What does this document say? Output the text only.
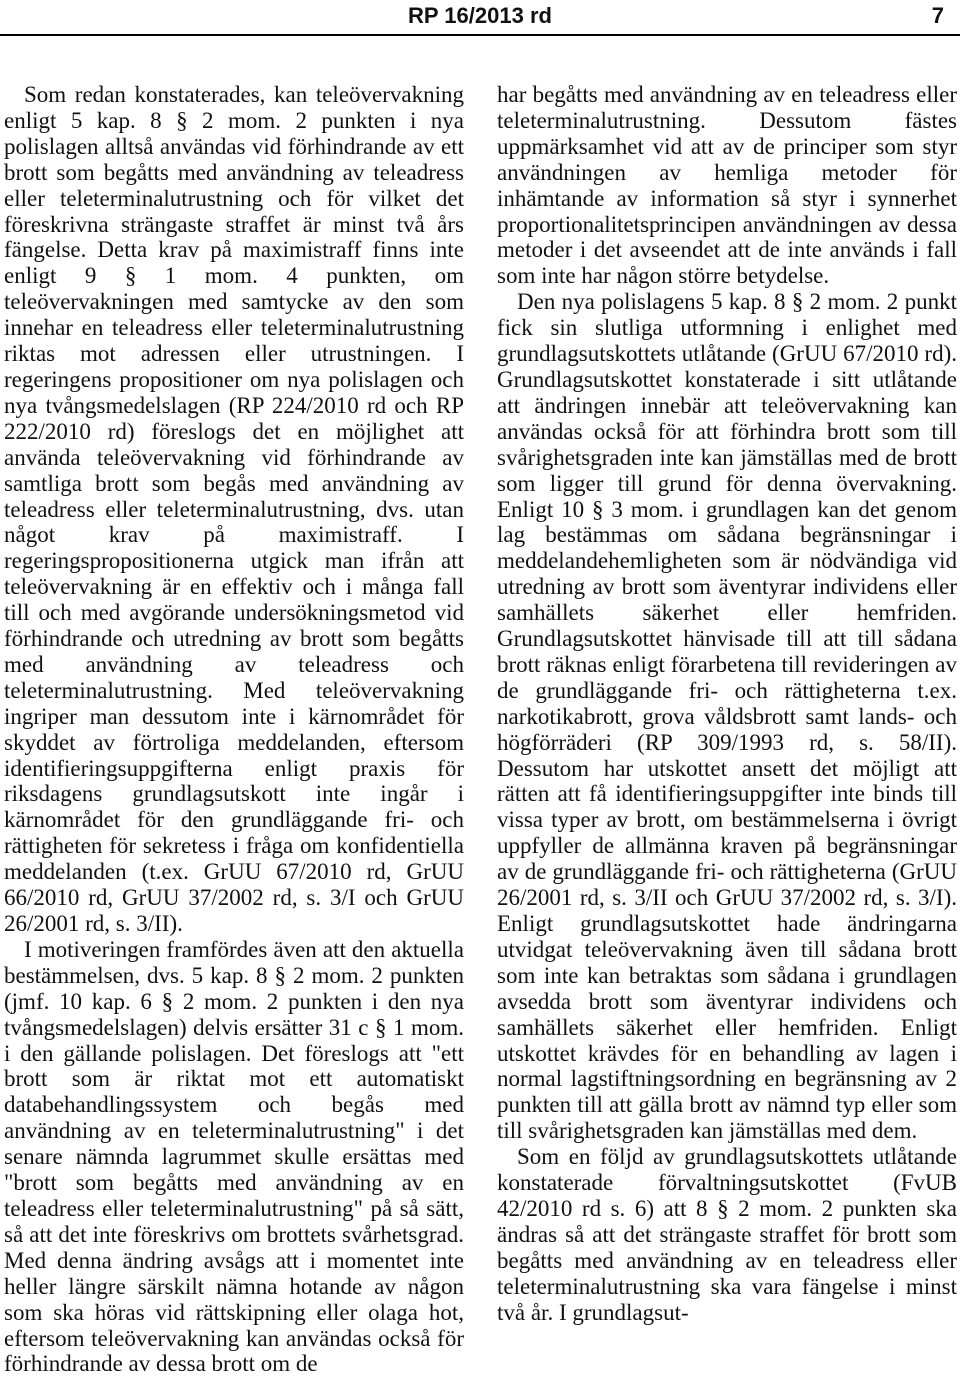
RP 16/2013 rd	7

Som redan konstaterades, kan teleövervakning enligt 5 kap. 8 § 2 mom. 2 punkten i nya polislagen alltså användas vid förhindrande av ett brott som begåtts med användning av teleadress eller teleterminalutrustning och för vilket det föreskrivna strängaste straffet är minst två års fängelse. Detta krav på maximistraff finns inte enligt 9 § 1 mom. 4 punkten, om teleövervakningen med samtycke av den som innehar en teleadress eller teleterminalutrustning riktas mot adressen eller utrustningen. I regeringens propositioner om nya polislagen och nya tvångsmedelslagen (RP 224/2010 rd och RP 222/2010 rd) föreslogs det en möjlighet att använda teleövervakning vid förhindrande av samtliga brott som begås med användning av teleadress eller teleterminalutrustning, dvs. utan något krav på maximistraff. I regeringspropositionerna utgick man ifrån att teleövervakning är en effektiv och i många fall till och med avgörande undersökningsmetod vid förhindrande och utredning av brott som begåtts med användning av teleadress och teleterminalutrustning. Med teleövervakning ingriper man dessutom inte i kärnområdet för skyddet av förtroliga meddelanden, eftersom identifieringsuppgifterna enligt praxis för riksdagens grundlagsutskott inte ingår i kärnområdet för den grundläggande fri- och rättigheten för sekretess i fråga om konfidentiella meddelanden (t.ex. GrUU 67/2010 rd, GrUU 66/2010 rd, GrUU 37/2002 rd, s. 3/I och GrUU 26/2001 rd, s. 3/II).

I motiveringen framfördes även att den aktuella bestämmelsen, dvs. 5 kap. 8 § 2 mom. 2 punkten (jmf. 10 kap. 6 § 2 mom. 2 punkten i den nya tvångsmedelslagen) delvis ersätter 31 c § 1 mom. i den gällande polislagen. Det föreslogs att "ett brott som är riktat mot ett automatiskt databehandlingssystem och begås med användning av en teleterminalutrustning" i det senare nämnda lagrummet skulle ersättas med "brott som begåtts med användning av en teleadress eller teleterminalutrustning" på så sätt, så att det inte föreskrivs om brottets svårhetsgrad. Med denna ändring avsågs att i momentet inte heller längre särskilt nämna hotande av någon som ska höras vid rättskipning eller olaga hot, eftersom teleövervakning kan användas också för förhindrande av dessa brott om de

har begåtts med användning av en teleadress eller teleterminalutrustning. Dessutom fästes uppmärksamhet vid att av de principer som styr användningen av hemliga metoder för inhämtande av information så styr i synnerhet proportionalitetsprincipen användningen av dessa metoder i det avseendet att de inte används i fall som inte har någon större betydelse.

Den nya polislagens 5 kap. 8 § 2 mom. 2 punkt fick sin slutliga utformning i enlighet med grundlagsutskottets utlåtande (GrUU 67/2010 rd). Grundlagsutskottet konstaterade i sitt utlåtande att ändringen innebär att teleövervakning kan användas också för att förhindra brott som till svårighetsgraden inte kan jämställas med de brott som ligger till grund för denna övervakning. Enligt 10 § 3 mom. i grundlagen kan det genom lag bestämmas om sådana begränsningar i meddelandehemligheten som är nödvändiga vid utredning av brott som äventyrar individens eller samhällets säkerhet eller hemfriden. Grundlagsutskottet hänvisade till att till sådana brott räknas enligt förarbetena till revideringen av de grundläggande fri- och rättigheterna t.ex. narkotikabrott, grova våldsbrott samt lands- och högförräderi (RP 309/1993 rd, s. 58/II). Dessutom har utskottet ansett det möjligt att rätten att få identifieringsuppgifter inte binds till vissa typer av brott, om bestämmelserna i övrigt uppfyller de allmänna kraven på begränsningar av de grundläggande fri- och rättigheterna (GrUU 26/2001 rd, s. 3/II och GrUU 37/2002 rd, s. 3/I). Enligt grundlagsutskottet hade ändringarna utvidgat teleövervakning även till sådana brott som inte kan betraktas som sådana i grundlagen avsedda brott som äventyrar individens och samhällets säkerhet eller hemfriden. Enligt utskottet krävdes för en behandling av lagen i normal lagstiftningsordning en begränsning av 2 punkten till att gälla brott av nämnd typ eller som till svårighetsgraden kan jämställas med dem.

Som en följd av grundlagsutskottets utlåtande konstaterade förvaltningsutskottet (FvUB 42/2010 rd s. 6) att 8 § 2 mom. 2 punkten ska ändras så att det strängaste straffet för brott som begåtts med användning av en teleadress eller teleterminalutrustning ska vara fängelse i minst två år. I grundlagsut-
